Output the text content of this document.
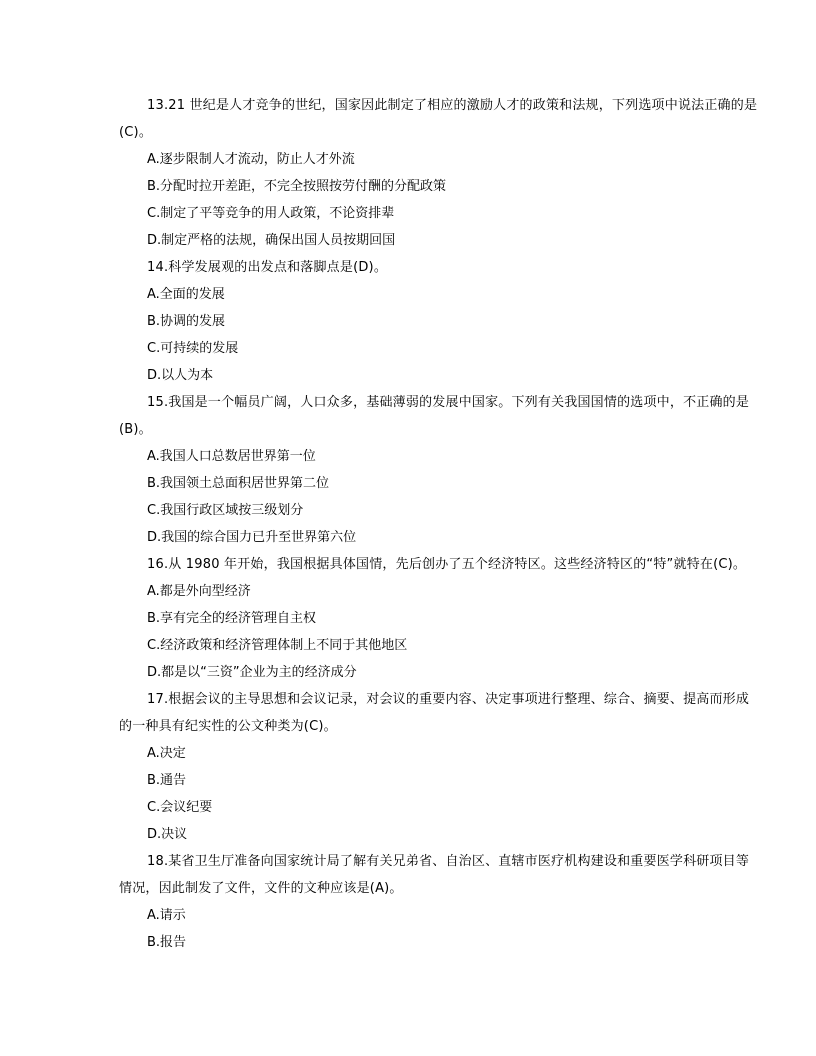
13.21 世纪是人才竞争的世纪，国家因此制定了相应的激励人才的政策和法规，下列选项中说法正确的是
(C)。
A.逐步限制人才流动，防止人才外流
B.分配时拉开差距，不完全按照按劳付酬的分配政策
C.制定了平等竞争的用人政策，不论资排辈
D.制定严格的法规，确保出国人员按期回国
14.科学发展观的出发点和落脚点是(D)。
A.全面的发展
B.协调的发展
C.可持续的发展
D.以人为本
15.我国是一个幅员广阔，人口众多，基础薄弱的发展中国家。下列有关我国国情的选项中，不正确的是
(B)。
A.我国人口总数居世界第一位
B.我国领土总面积居世界第二位
C.我国行政区域按三级划分
D.我国的综合国力已升至世界第六位
16.从 1980 年开始，我国根据具体国情，先后创办了五个经济特区。这些经济特区的“特”就特在(C)。
A.都是外向型经济
B.享有完全的经济管理自主权
C.经济政策和经济管理体制上不同于其他地区
D.都是以“三资”企业为主的经济成分
17.根据会议的主导思想和会议记录，对会议的重要内容、决定事项进行整理、综合、摘要、提高而形成
的一种具有纪实性的公文种类为(C)。
A.决定
B.通告
C.会议纪要
D.决议
18.某省卫生厅准备向国家统计局了解有关兄弟省、自治区、直辖市医疗机构建设和重要医学科研项目等
情况，因此制发了文件，文件的文种应该是(A)。
A.请示
B.报告
